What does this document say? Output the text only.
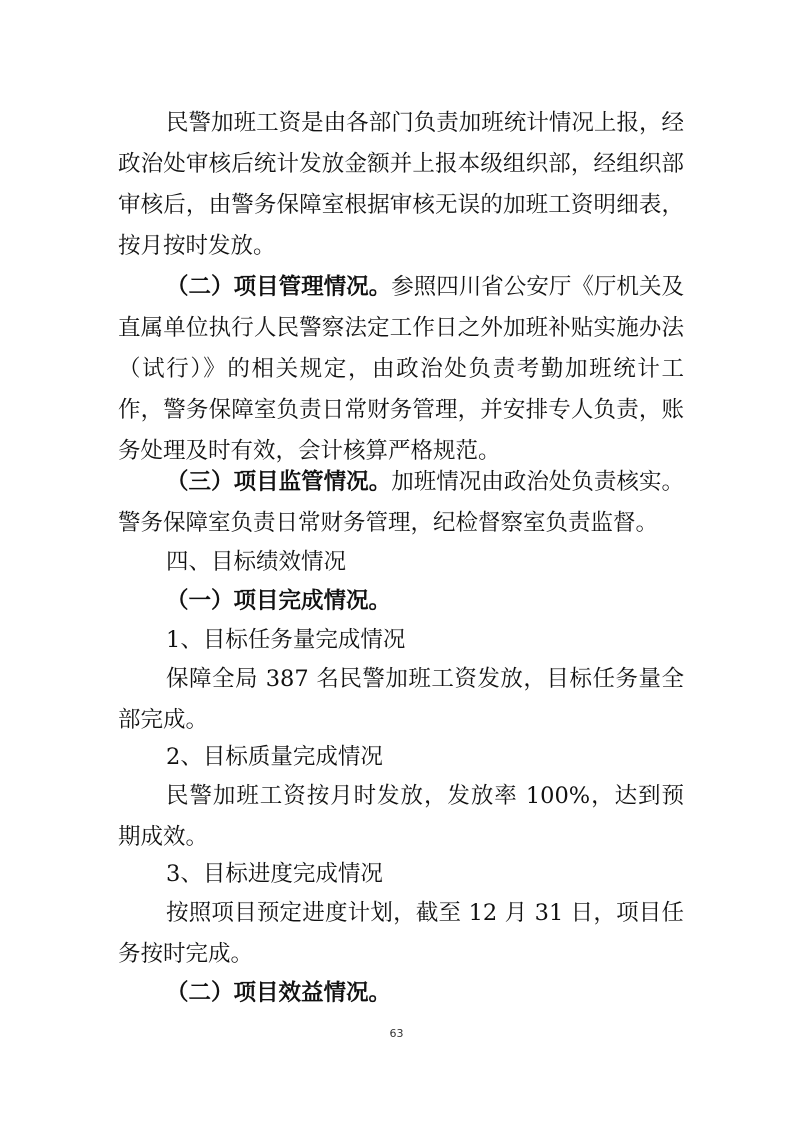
民警加班工资是由各部门负责加班统计情况上报，经政治处审核后统计发放金额并上报本级组织部，经组织部审核后，由警务保障室根据审核无误的加班工资明细表，按月按时发放。

（二）项目管理情况。参照四川省公安厅《厅机关及直属单位执行人民警察法定工作日之外加班补贴实施办法（试行）》的相关规定，由政治处负责考勤加班统计工作，警务保障室负责日常财务管理，并安排专人负责，账务处理及时有效，会计核算严格规范。

（三）项目监管情况。加班情况由政治处负责核实。警务保障室负责日常财务管理，纪检督察室负责监督。

四、目标绩效情况

（一）项目完成情况。

1、目标任务量完成情况

保障全局 387 名民警加班工资发放，目标任务量全部完成。

2、目标质量完成情况

民警加班工资按月时发放，发放率 100%，达到预期成效。

3、目标进度完成情况

按照项目预定进度计划，截至 12 月 31 日，项目任务按时完成。

（二）项目效益情况。

63
